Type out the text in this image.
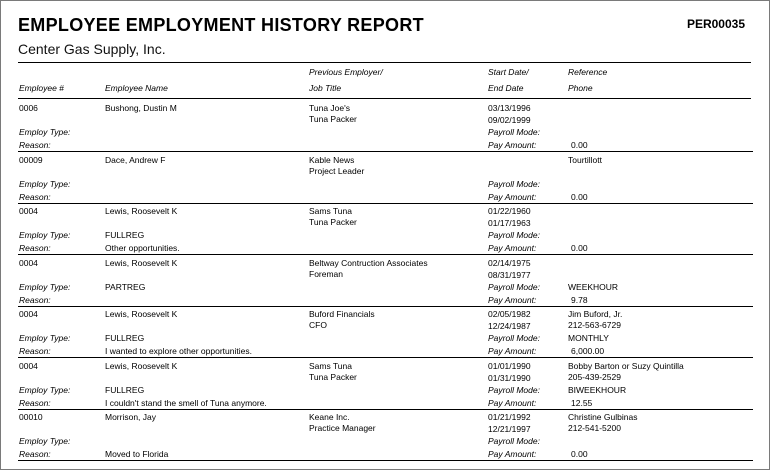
EMPLOYEE EMPLOYMENT HISTORY REPORT	PER00035
Center Gas Supply, Inc.
Previous Employer/	Start Date/	Reference
Employee #	Employee Name	Job Title	End Date	Phone
0006	Bushong, Dustin M	Tuna Joe's	03/13/1996
Tuna Packer	09/02/1999
Employ Type:	Payroll Mode:
Reason:	Pay Amount:	0.00
00009	Dace, Andrew F	Kable News	Tourtillott
Project Leader
Employ Type:	Payroll Mode:
Reason:	Pay Amount:	0.00
0004	Lewis, Roosevelt K	Sams Tuna	01/22/1960
Tuna Packer	01/17/1963
Employ Type:	FULLREG	Payroll Mode:
Reason:	Other opportunities.	Pay Amount:	0.00
0004	Lewis, Roosevelt K	Beltway Contruction Associates	02/14/1975
Foreman	08/31/1977
Employ Type:	PARTREG	Payroll Mode:	WEEKHOUR
Reason:	Pay Amount:	9.78
0004	Lewis, Roosevelt K	Buford Financials	02/05/1982	Jim Buford, Jr.
CFO	12/24/1987	212-563-6729
Employ Type:	FULLREG	Payroll Mode:	MONTHLY
Reason:	I wanted to explore other opportunities.	Pay Amount:	6,000.00
0004	Lewis, Roosevelt K	Sams Tuna	01/01/1990	Bobby Barton or Suzy Quintilla
Tuna Packer	01/31/1990	205-439-2529
Employ Type:	FULLREG	Payroll Mode:	BIWEEKHOUR
Reason:	I couldn't stand the smell of Tuna anymore.	Pay Amount:	12.55
00010	Morrison, Jay	Keane Inc.	01/21/1992	Christine Gulbinas
Practice Manager	12/21/1997	212-541-5200
Employ Type:	Payroll Mode:
Reason:	Moved to Florida	Pay Amount:	0.00
